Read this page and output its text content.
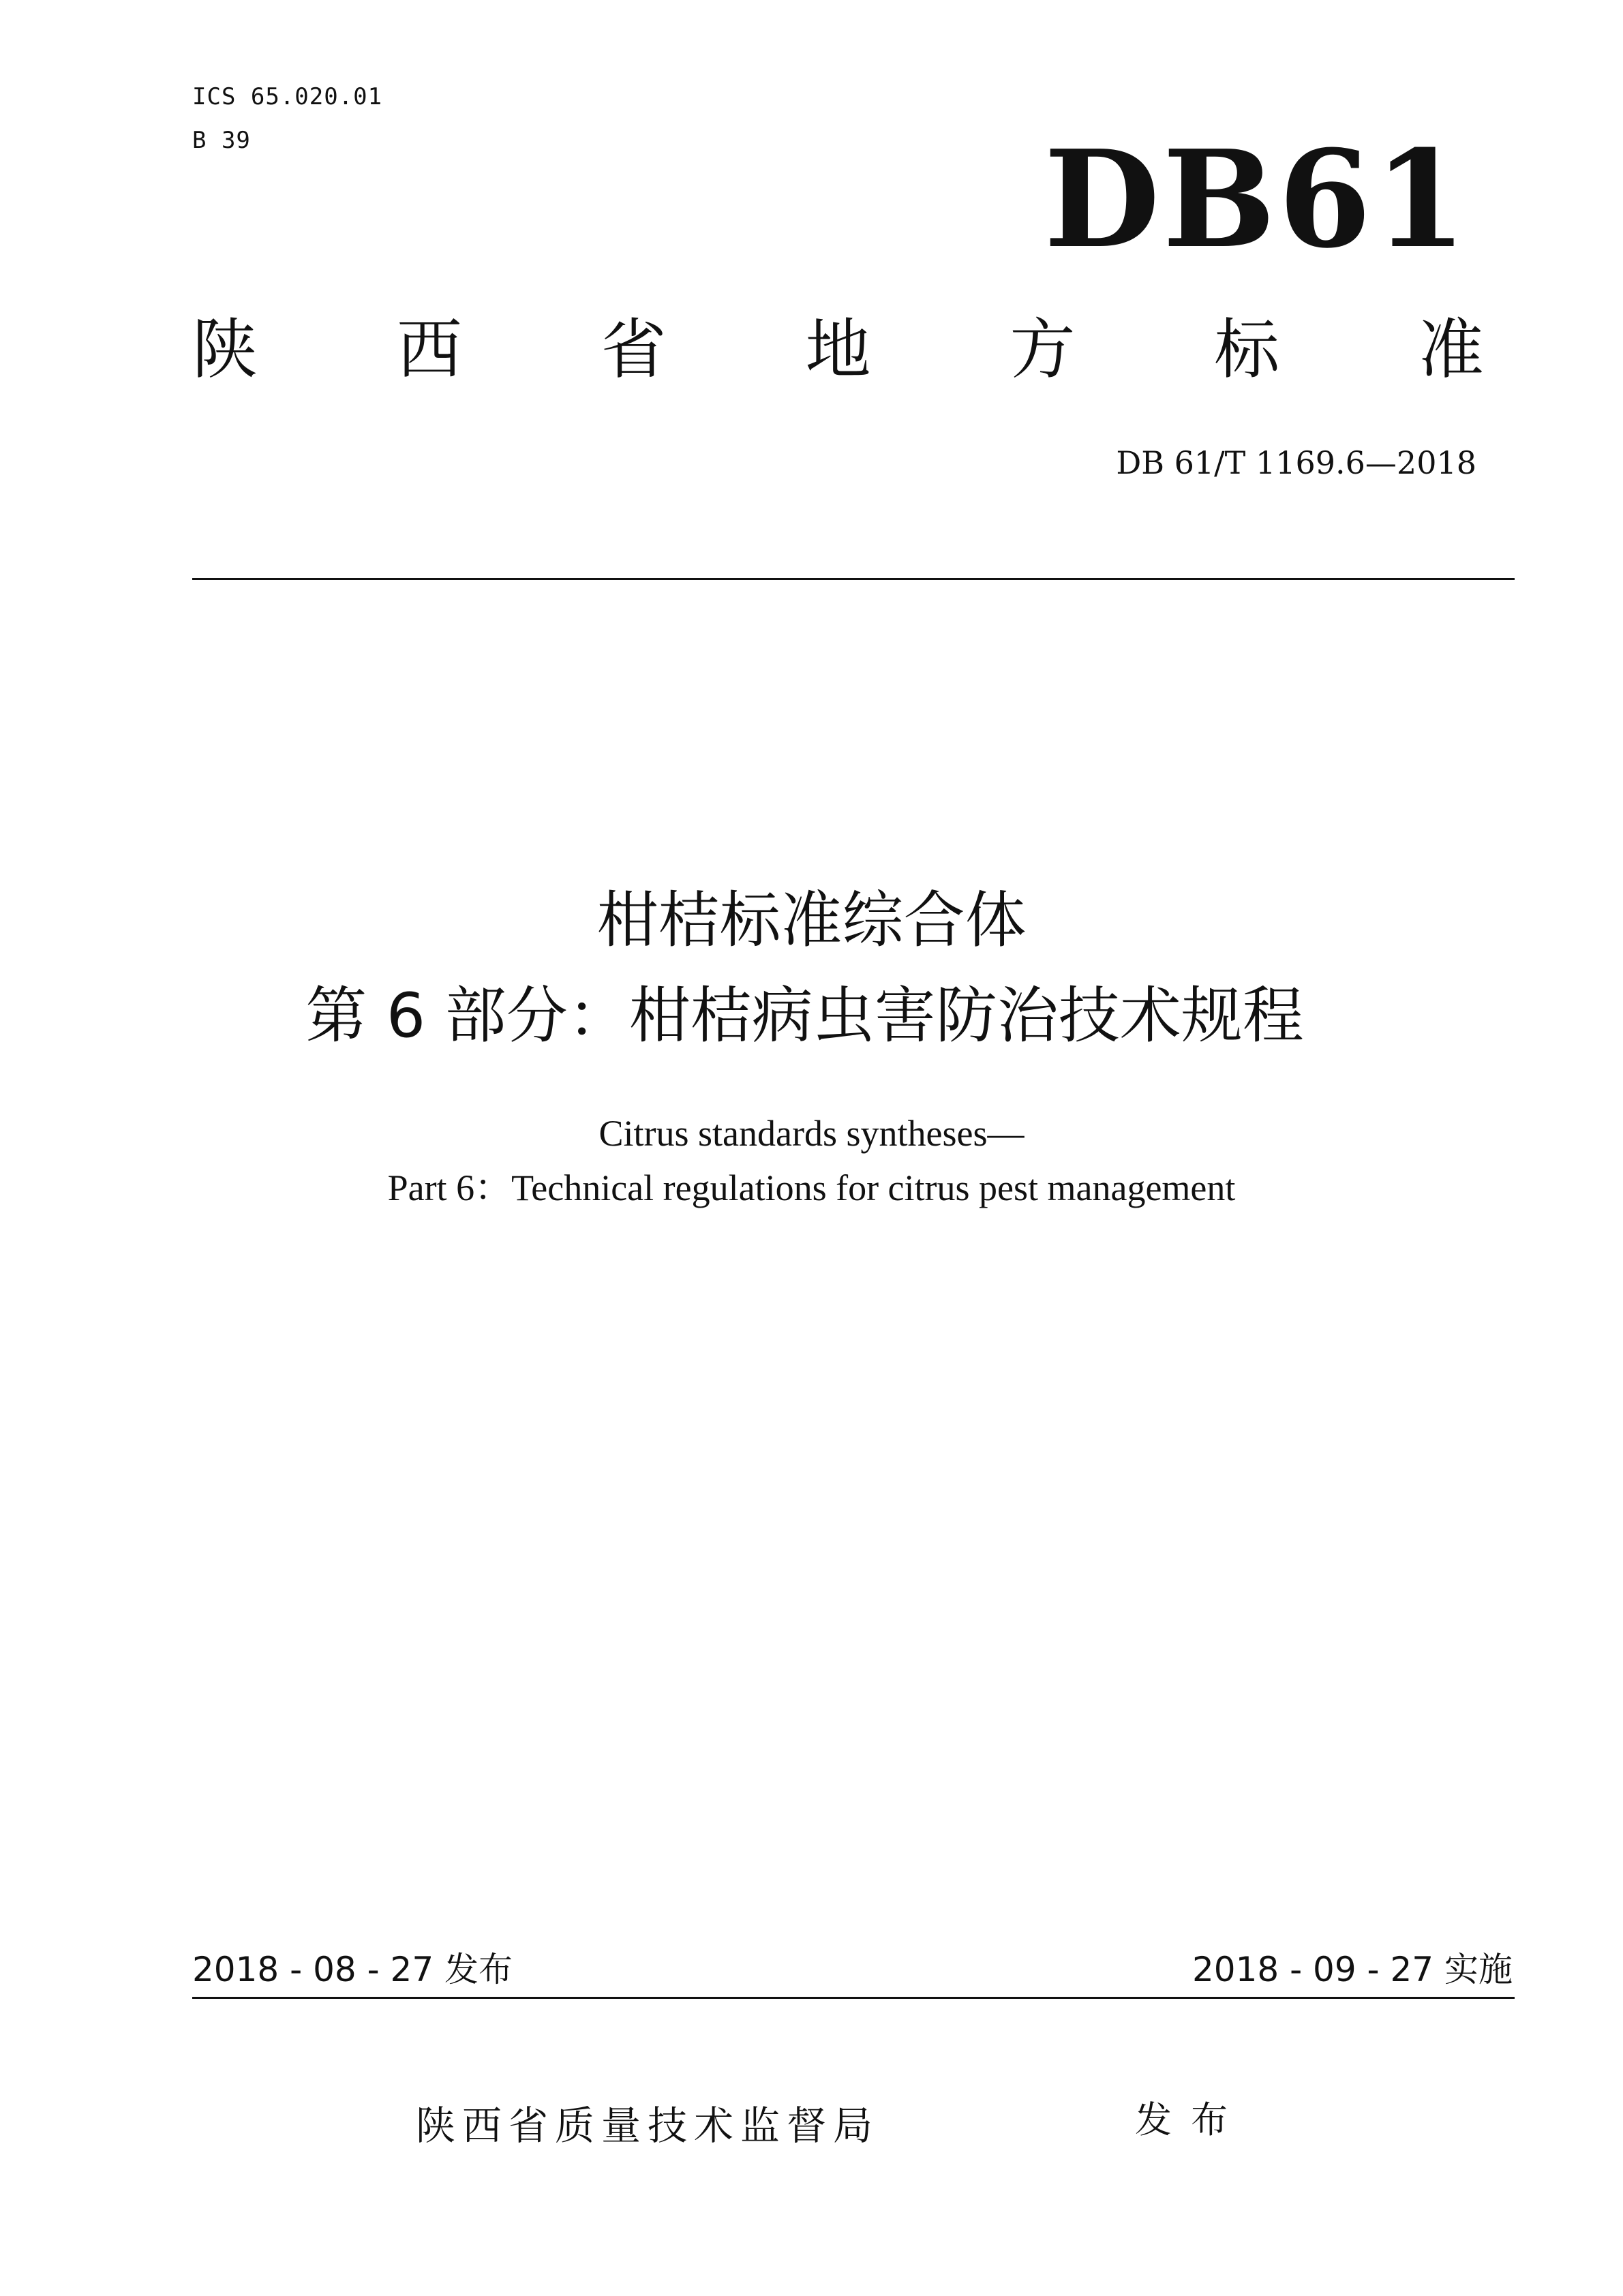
ICS 65.020.01
B 39	DB61
陕 西 省 地 方 标 准
DB 61/T 1169.6—2018
柑桔标准综合体
第 6 部分：柑桔病虫害防治技术规程
Citrus standards syntheses—
Part 6：Technical regulations for citrus pest management
2018 - 08 - 27 发布	2018 - 09 - 27 实施
陕西省质量技术监督局	发布
